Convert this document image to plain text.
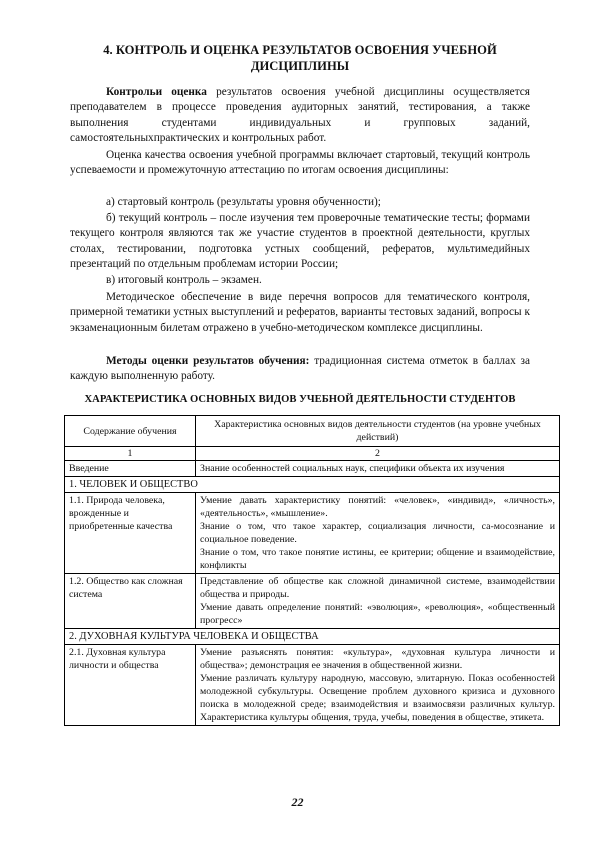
4. КОНТРОЛЬ И ОЦЕНКА РЕЗУЛЬТАТОВ ОСВОЕНИЯ УЧЕБНОЙ ДИСЦИПЛИНЫ

Контрольи оценка результатов освоения учебной дисциплины осуществляется преподавателем в процессе проведения аудиторных занятий, тестирования, а также выполнения студентами индивидуальных и групповых заданий, самостоятельныхпрактических и контрольных работ.

Оценка качества освоения учебной программы включает стартовый, текущий контроль успеваемости и промежуточную аттестацию по итогам освоения дисциплины:

а) стартовый контроль (результаты уровня обученности);

б) текущий контроль – после изучения тем проверочные тематические тесты; формами текущего контроля являются так же участие студентов в проектной деятельности, круглых столах, тестировании, подготовка устных сообщений, рефератов, мультимедийных презентаций по отдельным проблемам истории России;

в) итоговый контроль – экзамен.

Методическое обеспечение в виде перечня вопросов для тематического контроля, примерной тематики устных выступлений и рефератов, варианты тестовых заданий, вопросы к экзаменационным билетам отражено в учебно-методическом комплексе дисциплины.

Методы оценки результатов обучения: традиционная система отметок в баллах за каждую выполненную работу.

ХАРАКТЕРИСТИКА ОСНОВНЫХ ВИДОВ УЧЕБНОЙ ДЕЯТЕЛЬНОСТИ СТУДЕНТОВ
Содержание обучения	Характеристика основных видов деятельности студентов (на уровне учебных действий)
1	2
Введение	Знание особенностей социальных наук, специфики объекта их изучения
1. ЧЕЛОВЕК И ОБЩЕСТВО	
1.1. Природа человека, врожденные и приобретенные качества	Умение давать характеристику понятий: «человек», «индивид», «личность», «деятельность», «мышление».
Знание о том, что такое характер, социализация личности, са-мосознание и социальное поведение.
Знание о том, что такое понятие истины, ее критерии; общение и взаимодействие, конфликты

1.2. Общество как сложная система	Представление об обществе как сложной динамичной системе, взаимодействии общества и природы.
Умение давать определение понятий: «эволюция», «революция», «общественный прогресс»

2. ДУХОВНАЯ КУЛЬТУРА ЧЕЛОВЕКА И ОБЩЕСТВА	
2.1. Духовная культура личности и общества	Умение разъяснять понятия: «культура», «духовная культура личности и общества»; демонстрация ее значения в общественной жизни.
Умение различать культуру народную, массовую, элитарную. Показ особенностей молодежной субкультуры. Освещение проблем духовного кризиса и духовного поиска в молодежной среде; взаимодействия и взаимосвязи различных культур. Характеристика культуры общения, труда, учебы, поведения в обществе, этикета.
22
